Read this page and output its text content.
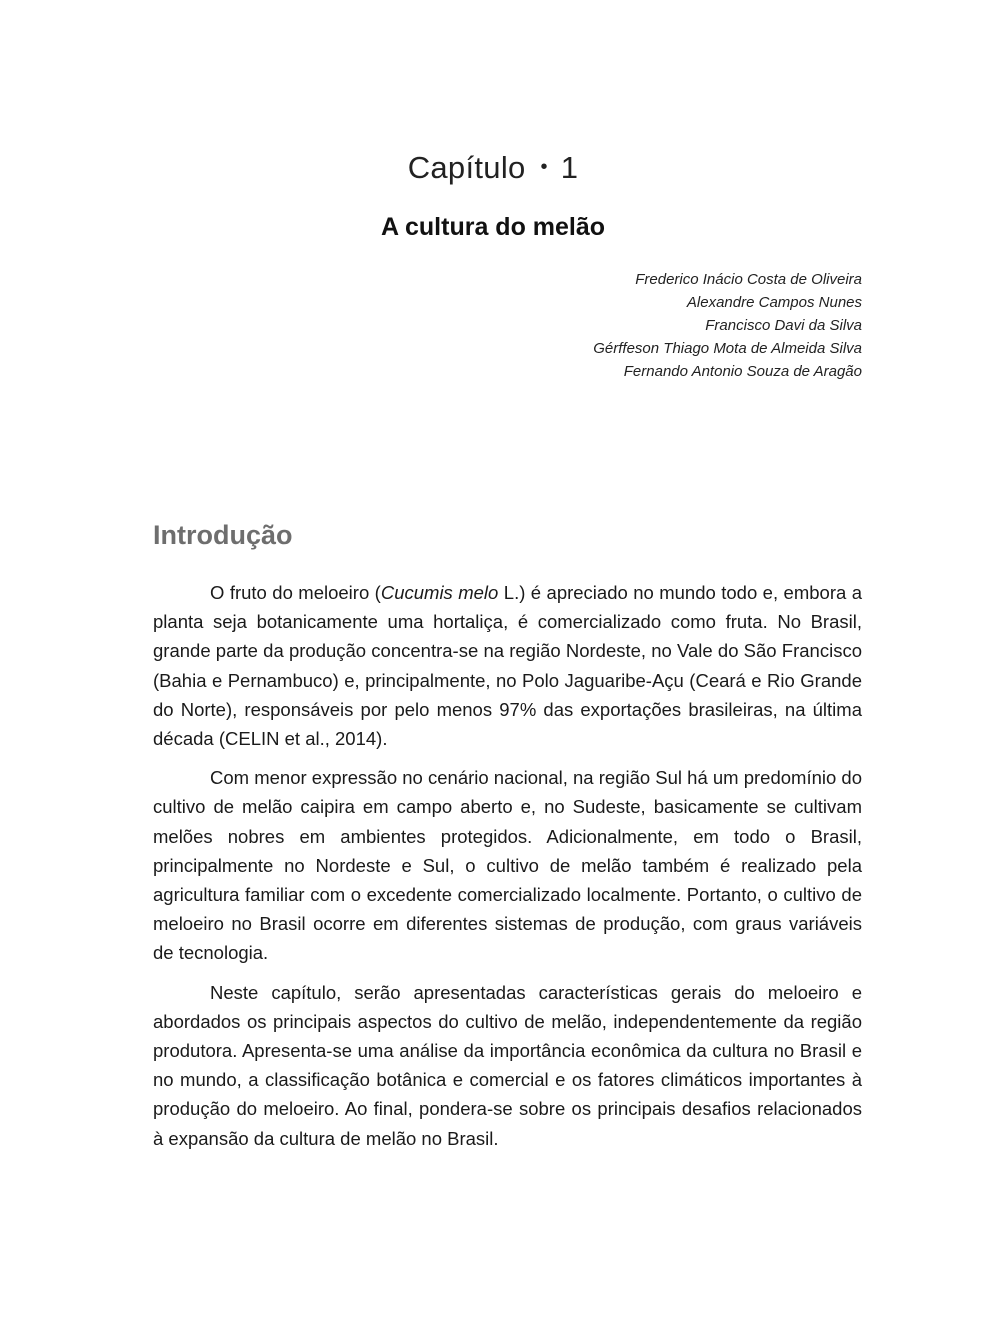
Capítulo • 1
A cultura do melão
Frederico Inácio Costa de Oliveira
Alexandre Campos Nunes
Francisco Davi da Silva
Gérffeson Thiago Mota de Almeida Silva
Fernando Antonio Souza de Aragão
Introdução

O fruto do meloeiro (Cucumis melo L.) é apreciado no mundo todo e, embora a planta seja botanicamente uma hortaliça, é comercializado como fruta. No Brasil, grande parte da produção concentra-se na região Nordeste, no Vale do São Francisco (Bahia e Pernambuco) e, principalmente, no Polo Jaguaribe-Açu (Ceará e Rio Grande do Norte), responsáveis por pelo menos 97% das exportações brasileiras, na última década (CELIN et al., 2014).

Com menor expressão no cenário nacional, na região Sul há um predomínio do cultivo de melão caipira em campo aberto e, no Sudeste, basicamente se cultivam melões nobres em ambientes protegidos. Adicionalmente, em todo o Brasil, principalmente no Nordeste e Sul, o cultivo de melão também é realizado pela agricultura familiar com o excedente comercializado localmente. Portanto, o cultivo de meloeiro no Brasil ocorre em diferentes sistemas de produção, com graus variáveis de tecnologia.

Neste capítulo, serão apresentadas características gerais do meloeiro e abordados os principais aspectos do cultivo de melão, independentemente da região produtora. Apresenta-se uma análise da importância econômica da cultura no Brasil e no mundo, a classificação botânica e comercial e os fatores climáticos importantes à produção do meloeiro. Ao final, pondera-se sobre os principais desafios relacionados à expansão da cultura de melão no Brasil.
